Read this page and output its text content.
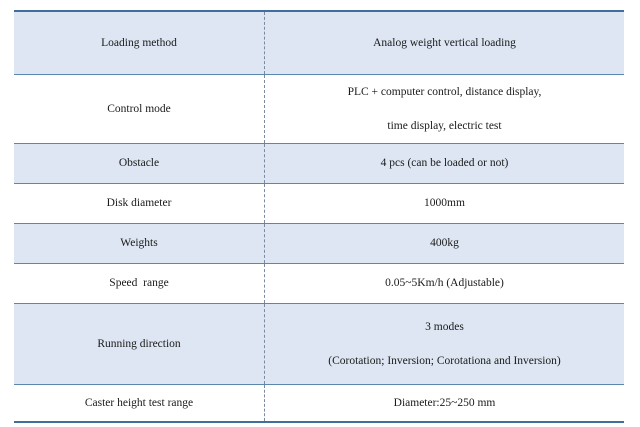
Loading method	Analog weight vertical loading

Control mode	PLC + computer control, distance display,
time display, electric test

Obstacle	4 pcs (can be loaded or not)

Disk diameter	1000mm

Weights	400kg

Speed  range	0.05~5Km/h (Adjustable)

Running direction	3 modes
(Corotation; Inversion; Corotationa and Inversion)

Caster height test range	Diameter:25~250 mm
